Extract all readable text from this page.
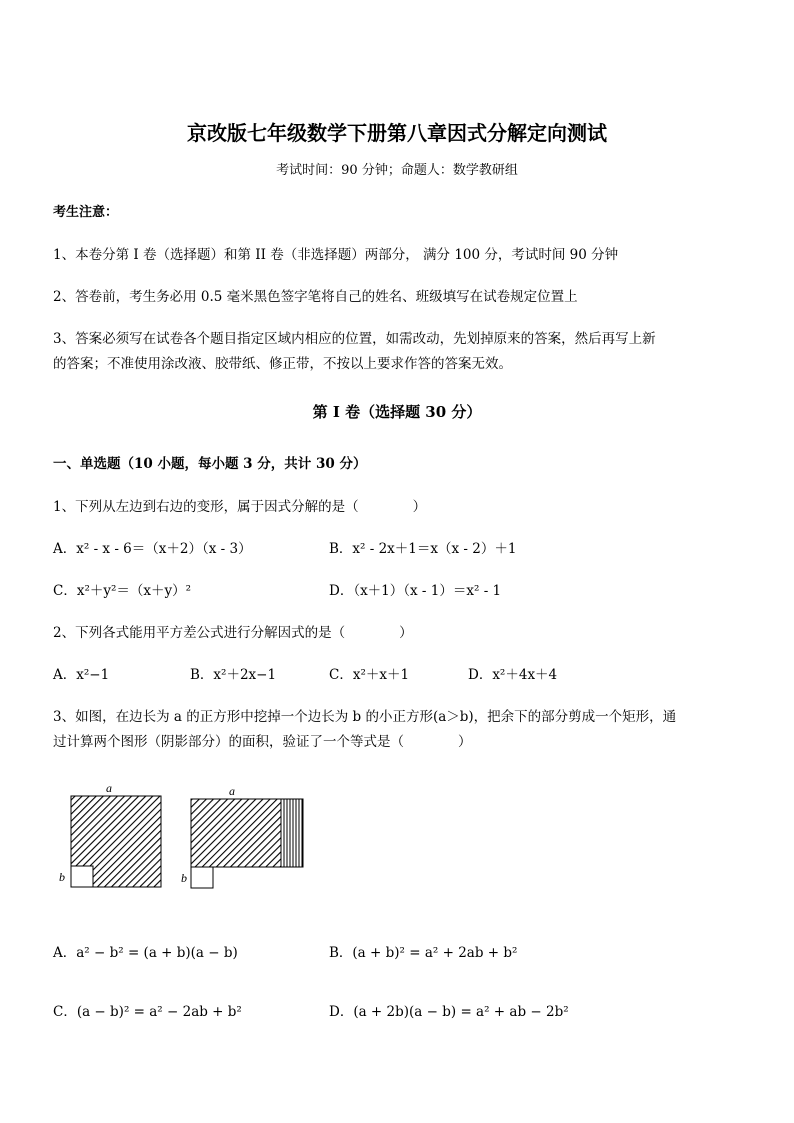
京改版七年级数学下册第八章因式分解定向测试
考试时间：90 分钟；命题人：数学教研组
考生注意：
1、本卷分第 I 卷（选择题）和第 II 卷（非选择题）两部分， 满分 100 分，考试时间 90 分钟
2、答卷前，考生务必用 0.5 毫米黑色签字笔将自己的姓名、班级填写在试卷规定位置上
3、答案必须写在试卷各个题目指定区域内相应的位置，如需改动，先划掉原来的答案，然后再写上新
的答案；不准使用涂改液、胶带纸、修正带，不按以上要求作答的答案无效。
第 I 卷（选择题 30 分）
一、单选题（10 小题，每小题 3 分，共计 30 分）
1、下列从左边到右边的变形，属于因式分解的是（　　　　）
A．x² - x - 6＝（x＋2）（x - 3）	B．x² - 2x＋1＝x（x - 2）＋1
C．x²＋y²＝（x＋y）²	D．（x＋1）（x - 1）＝x² - 1
2、下列各式能用平方差公式进行分解因式的是（　　　　）
A．x²−1	B．x²＋2x−1	C．x²＋x＋1	D．x²＋4x＋4
3、如图，在边长为 a 的正方形中挖掉一个边长为 b 的小正方形(a＞b)，把余下的部分剪成一个矩形，通
过计算两个图形（阴影部分）的面积，验证了一个等式是（　　　　）
a
b
a
b
A．a² − b² = (a + b)(a − b)	B．(a + b)² = a² + 2ab + b²
C．(a − b)² = a² − 2ab + b²	D．(a + 2b)(a − b) = a² + ab − 2b²
